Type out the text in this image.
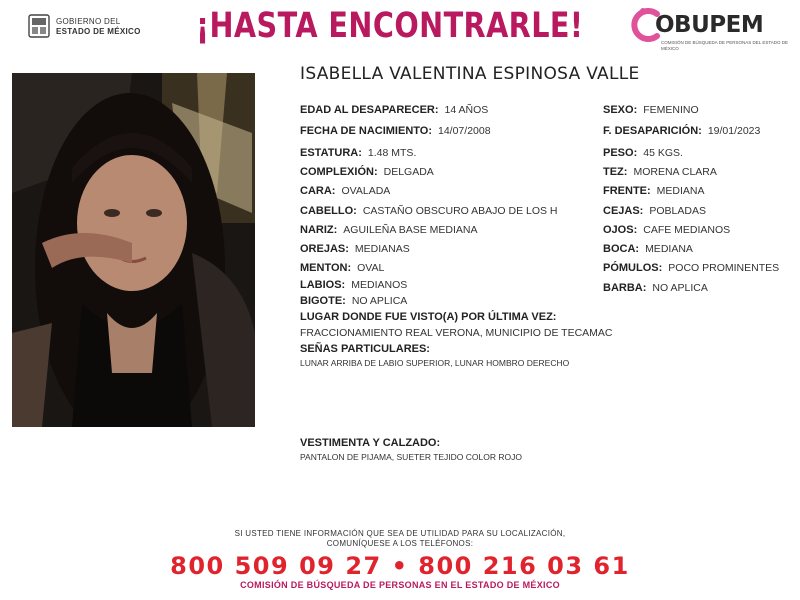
GOBIERNO DEL
ESTADO DE MÉXICO ¡HASTA ENCONTRARLE!	OBUPEM
COMISIÓN DE BÚSQUEDA DE PERSONAS DEL ESTADO DE MÉXICO
ISABELLA VALENTINA ESPINOSA VALLE
EDAD AL DESAPARECER: 14 AÑOS
FECHA DE NACIMIENTO: 14/07/2008
ESTATURA: 1.48 MTS.
COMPLEXIÓN: DELGADA
CARA: OVALADA
CABELLO: CASTAÑO OBSCURO ABAJO DE LOS H
NARIZ: AGUILEÑA BASE MEDIANA
OREJAS: MEDIANAS
MENTON: OVAL
LABIOS: MEDIANOS
BIGOTE: NO APLICA
SEXO: FEMENINO
F. DESAPARICIÓN: 19/01/2023
PESO: 45 KGS.
TEZ: MORENA CLARA
FRENTE: MEDIANA
CEJAS: POBLADAS
OJOS: CAFE MEDIANOS
BOCA: MEDIANA
PÓMULOS: POCO PROMINENTES
BARBA: NO APLICA
LUGAR DONDE FUE VISTO(A) POR ÚLTIMA VEZ:
FRACCIONAMIENTO REAL VERONA, MUNICIPIO DE TECAMAC
SEÑAS PARTICULARES:
LUNAR ARRIBA DE LABIO SUPERIOR, LUNAR HOMBRO DERECHO
VESTIMENTA Y CALZADO:
PANTALON DE PIJAMA, SUETER TEJIDO COLOR ROJO
SI USTED TIENE INFORMACIÓN QUE SEA DE UTILIDAD PARA SU LOCALIZACIÓN,
COMUNÍQUESE A LOS TELÉFONOS:
800 509 09 27 • 800 216 03 61
COMISIÓN DE BÚSQUEDA DE PERSONAS EN EL ESTADO DE MÉXICO
